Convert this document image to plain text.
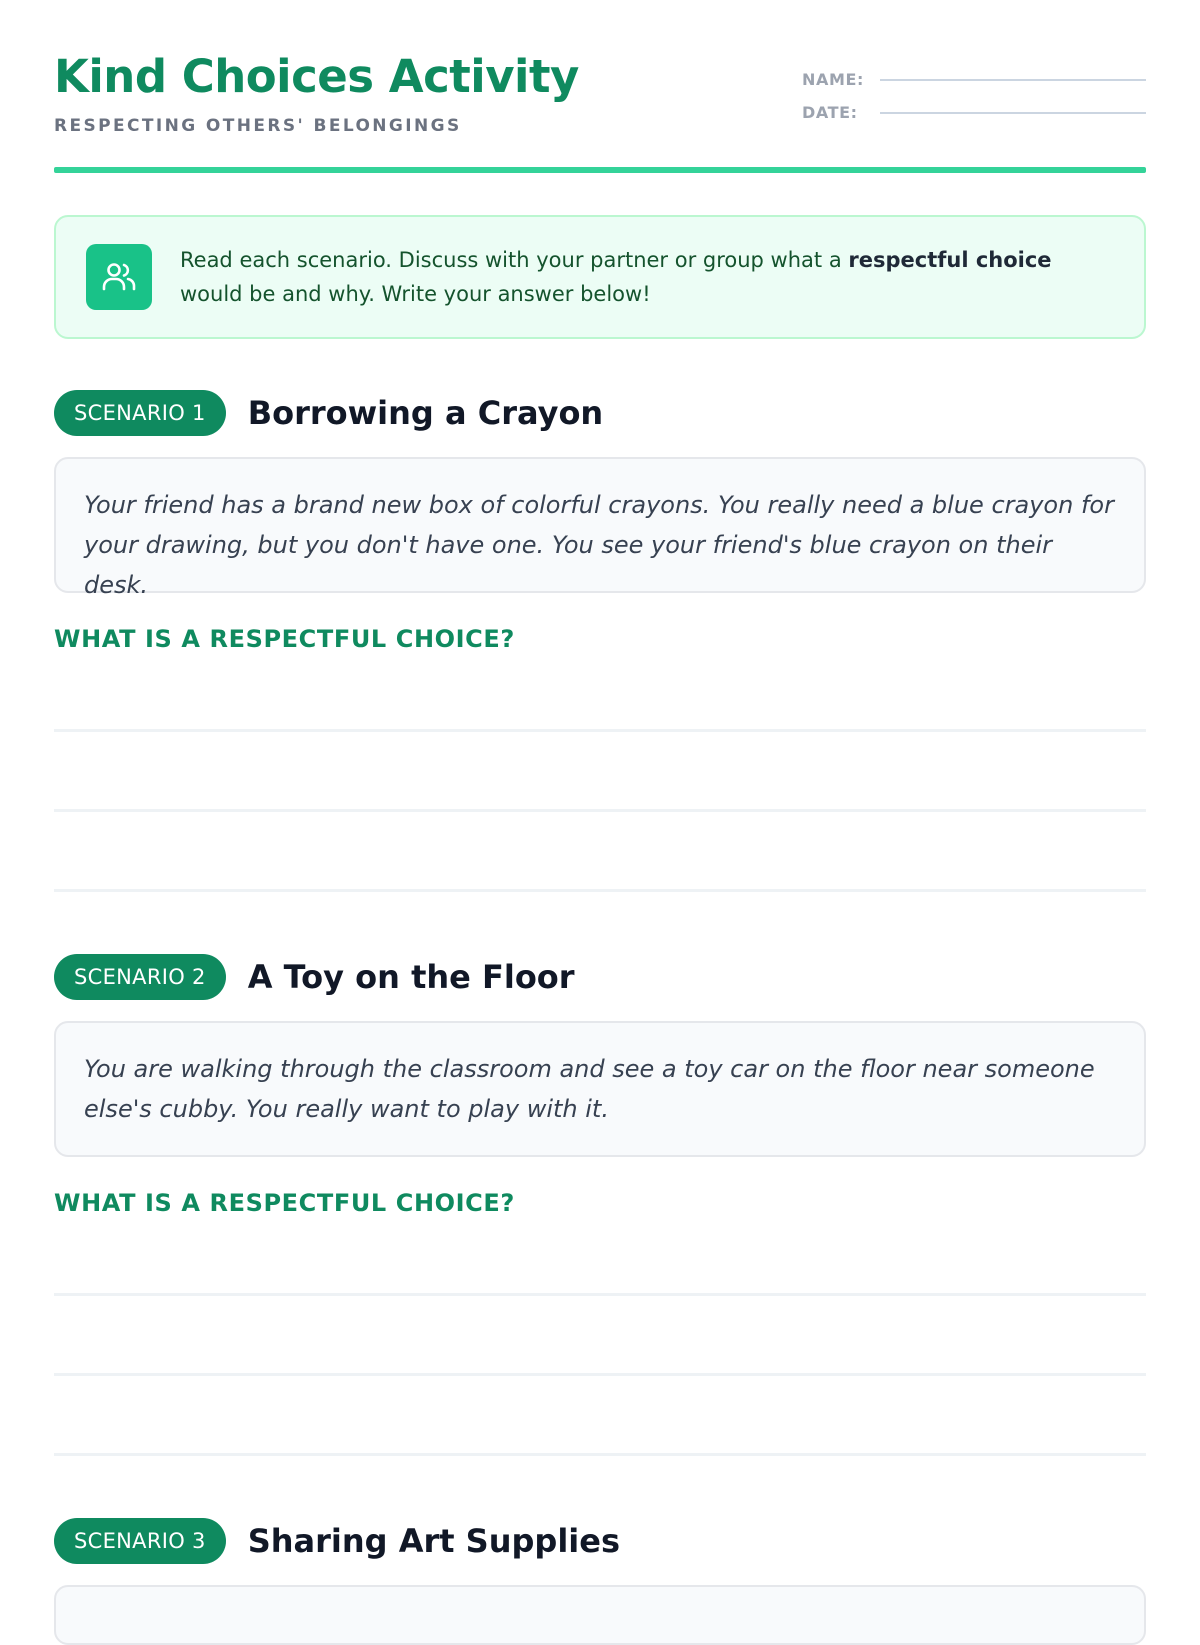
Kind Choices Activity
RESPECTING OTHERS' BELONGINGS
NAME:
DATE:
Read each scenario. Discuss with your partner or group what a respectful choice would be and why. Write your answer below!
SCENARIO 1	Borrowing a Crayon
Your friend has a brand new box of colorful crayons. You really need a blue crayon for your drawing, but you don't have one. You see your friend's blue crayon on their desk.
WHAT IS A RESPECTFUL CHOICE?
SCENARIO 2	A Toy on the Floor
You are walking through the classroom and see a toy car on the floor near someone else's cubby. You really want to play with it.
WHAT IS A RESPECTFUL CHOICE?
SCENARIO 3	Sharing Art Supplies
